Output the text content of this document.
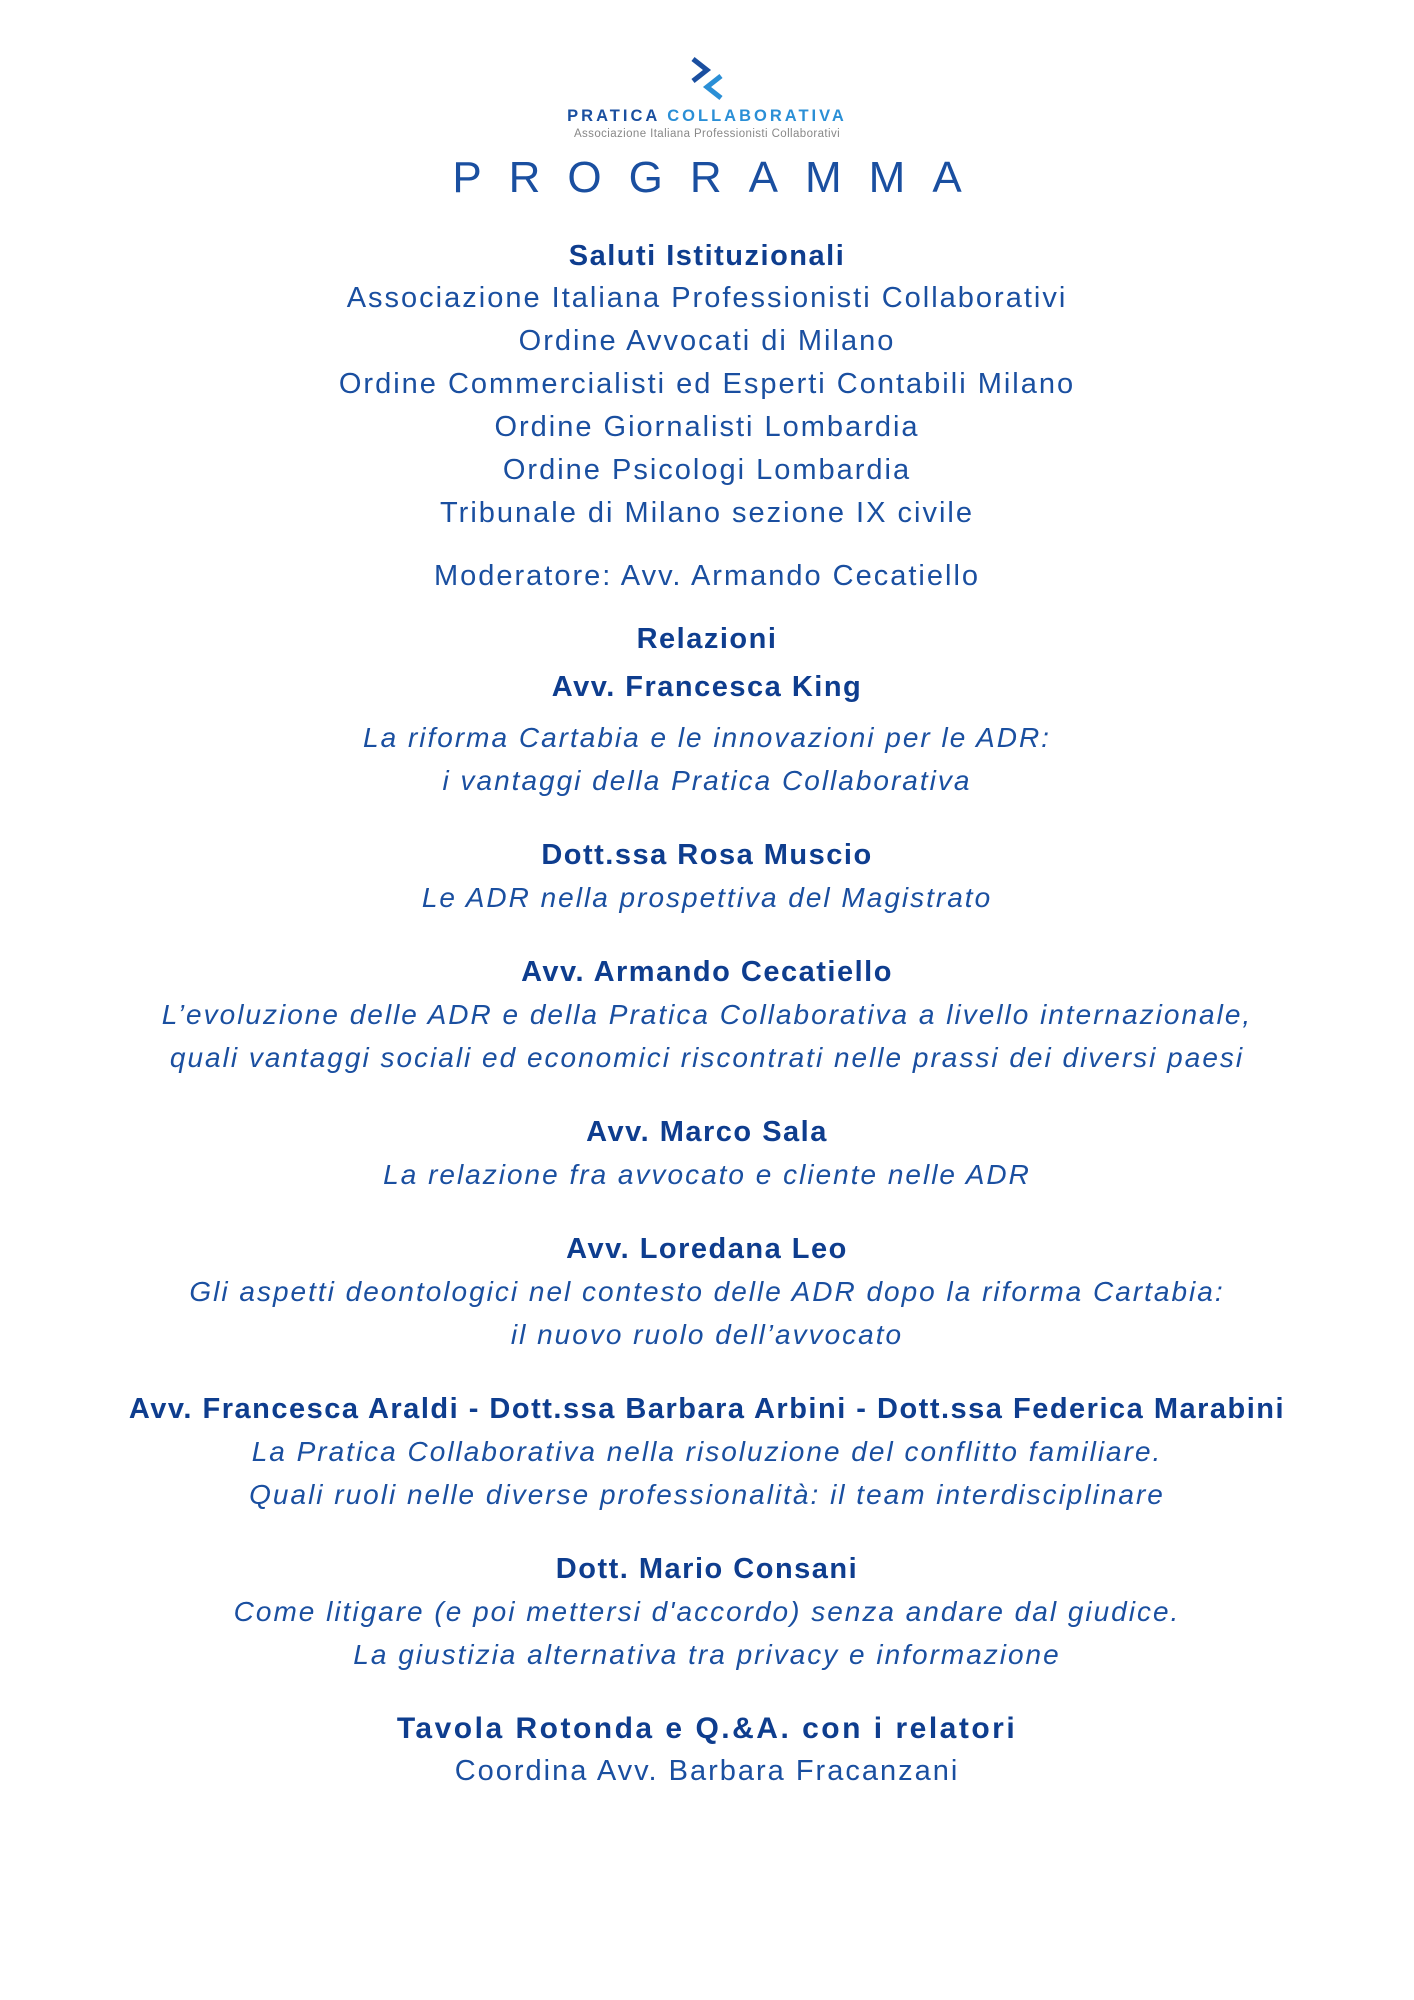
PRATICA COLLABORATIVA
Associazione Italiana Professionisti Collaborativi
PROGRAMMA
Saluti Istituzionali
Associazione Italiana Professionisti Collaborativi
Ordine Avvocati di Milano
Ordine Commercialisti ed Esperti Contabili Milano
Ordine Giornalisti Lombardia
Ordine Psicologi Lombardia
Tribunale di Milano sezione IX civile
Moderatore: Avv. Armando Cecatiello
Relazioni
Avv. Francesca King
La riforma Cartabia e le innovazioni per le ADR:
i vantaggi della Pratica Collaborativa
Dott.ssa Rosa Muscio
Le ADR nella prospettiva del Magistrato
Avv. Armando Cecatiello
L’evoluzione delle ADR e della Pratica Collaborativa a livello internazionale,
quali vantaggi sociali ed economici riscontrati nelle prassi dei diversi paesi
Avv. Marco Sala
La relazione fra avvocato e cliente nelle ADR
Avv. Loredana Leo
Gli aspetti deontologici nel contesto delle ADR dopo la riforma Cartabia:
il nuovo ruolo dell’avvocato
Avv. Francesca Araldi - Dott.ssa Barbara Arbini - Dott.ssa Federica Marabini
La Pratica Collaborativa nella risoluzione del conflitto familiare.
Quali ruoli nelle diverse professionalità: il team interdisciplinare
Dott. Mario Consani
Come litigare (e poi mettersi d'accordo) senza andare dal giudice.
La giustizia alternativa tra privacy e informazione
Tavola Rotonda e Q.&A. con i relatori
Coordina Avv. Barbara Fracanzani
